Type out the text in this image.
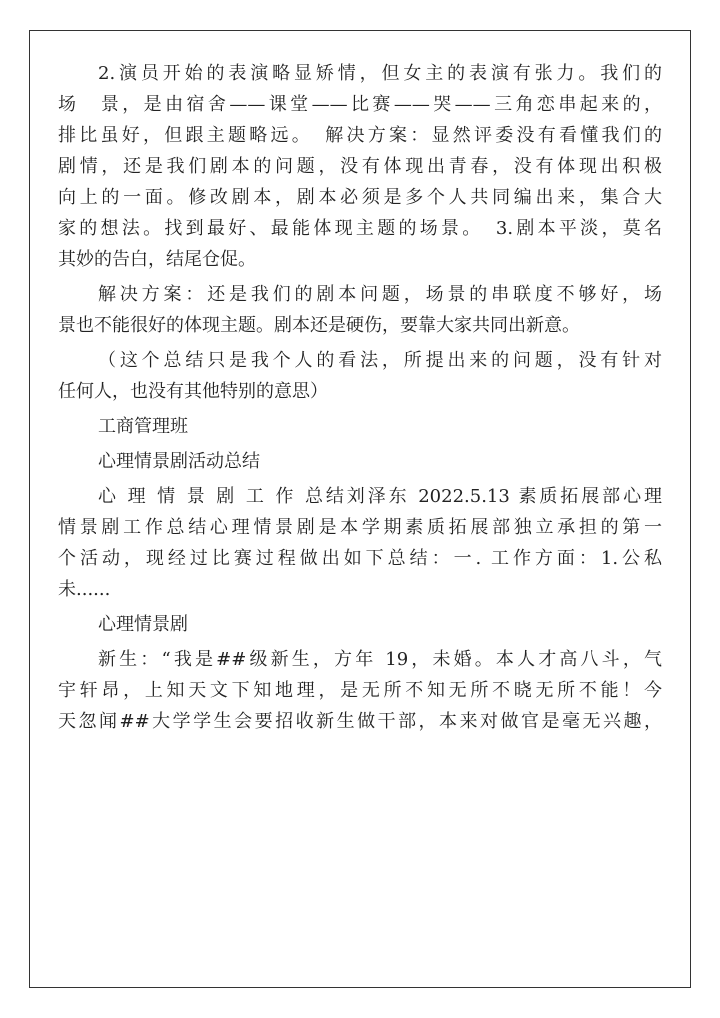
2.演员开始的表演略显矫情，但女主的表演有张力。我们的
场　景，是由宿舍——课堂——比赛——哭——三角恋串起来的，
排比虽好，但跟主题略远。　解决方案：显然评委没有看懂我们的
剧情，还是我们剧本的问题，没有体现出青春，没有体现出积极
向上的一面。修改剧本，剧本必须是多个人共同编出来，集合大
家的想法。找到最好、最能体现主题的场景。　3.剧本平淡，莫名
其妙的告白，结尾仓促。
解决方案：还是我们的剧本问题，场景的串联度不够好，场
景也不能很好的体现主题。剧本还是硬伤，要靠大家共同出新意。
（这个总结只是我个人的看法，所提出来的问题，没有针对
任何人，也没有其他特别的意思）
工商管理班
心理情景剧活动总结
心 理 情 景 剧 工 作 总结刘泽东 2022.5.13 素质拓展部心理
情景剧工作总结心理情景剧是本学期素质拓展部独立承担的第一
个活动，现经过比赛过程做出如下总结：一. 工作方面：1.公私
未......
心理情景剧
新生：“我是##级新生，方年 19，未婚。本人才高八斗，气
宇轩昂，上知天文下知地理，是无所不知无所不晓无所不能！今
天忽闻##大学学生会要招收新生做干部，本来对做官是毫无兴趣，
